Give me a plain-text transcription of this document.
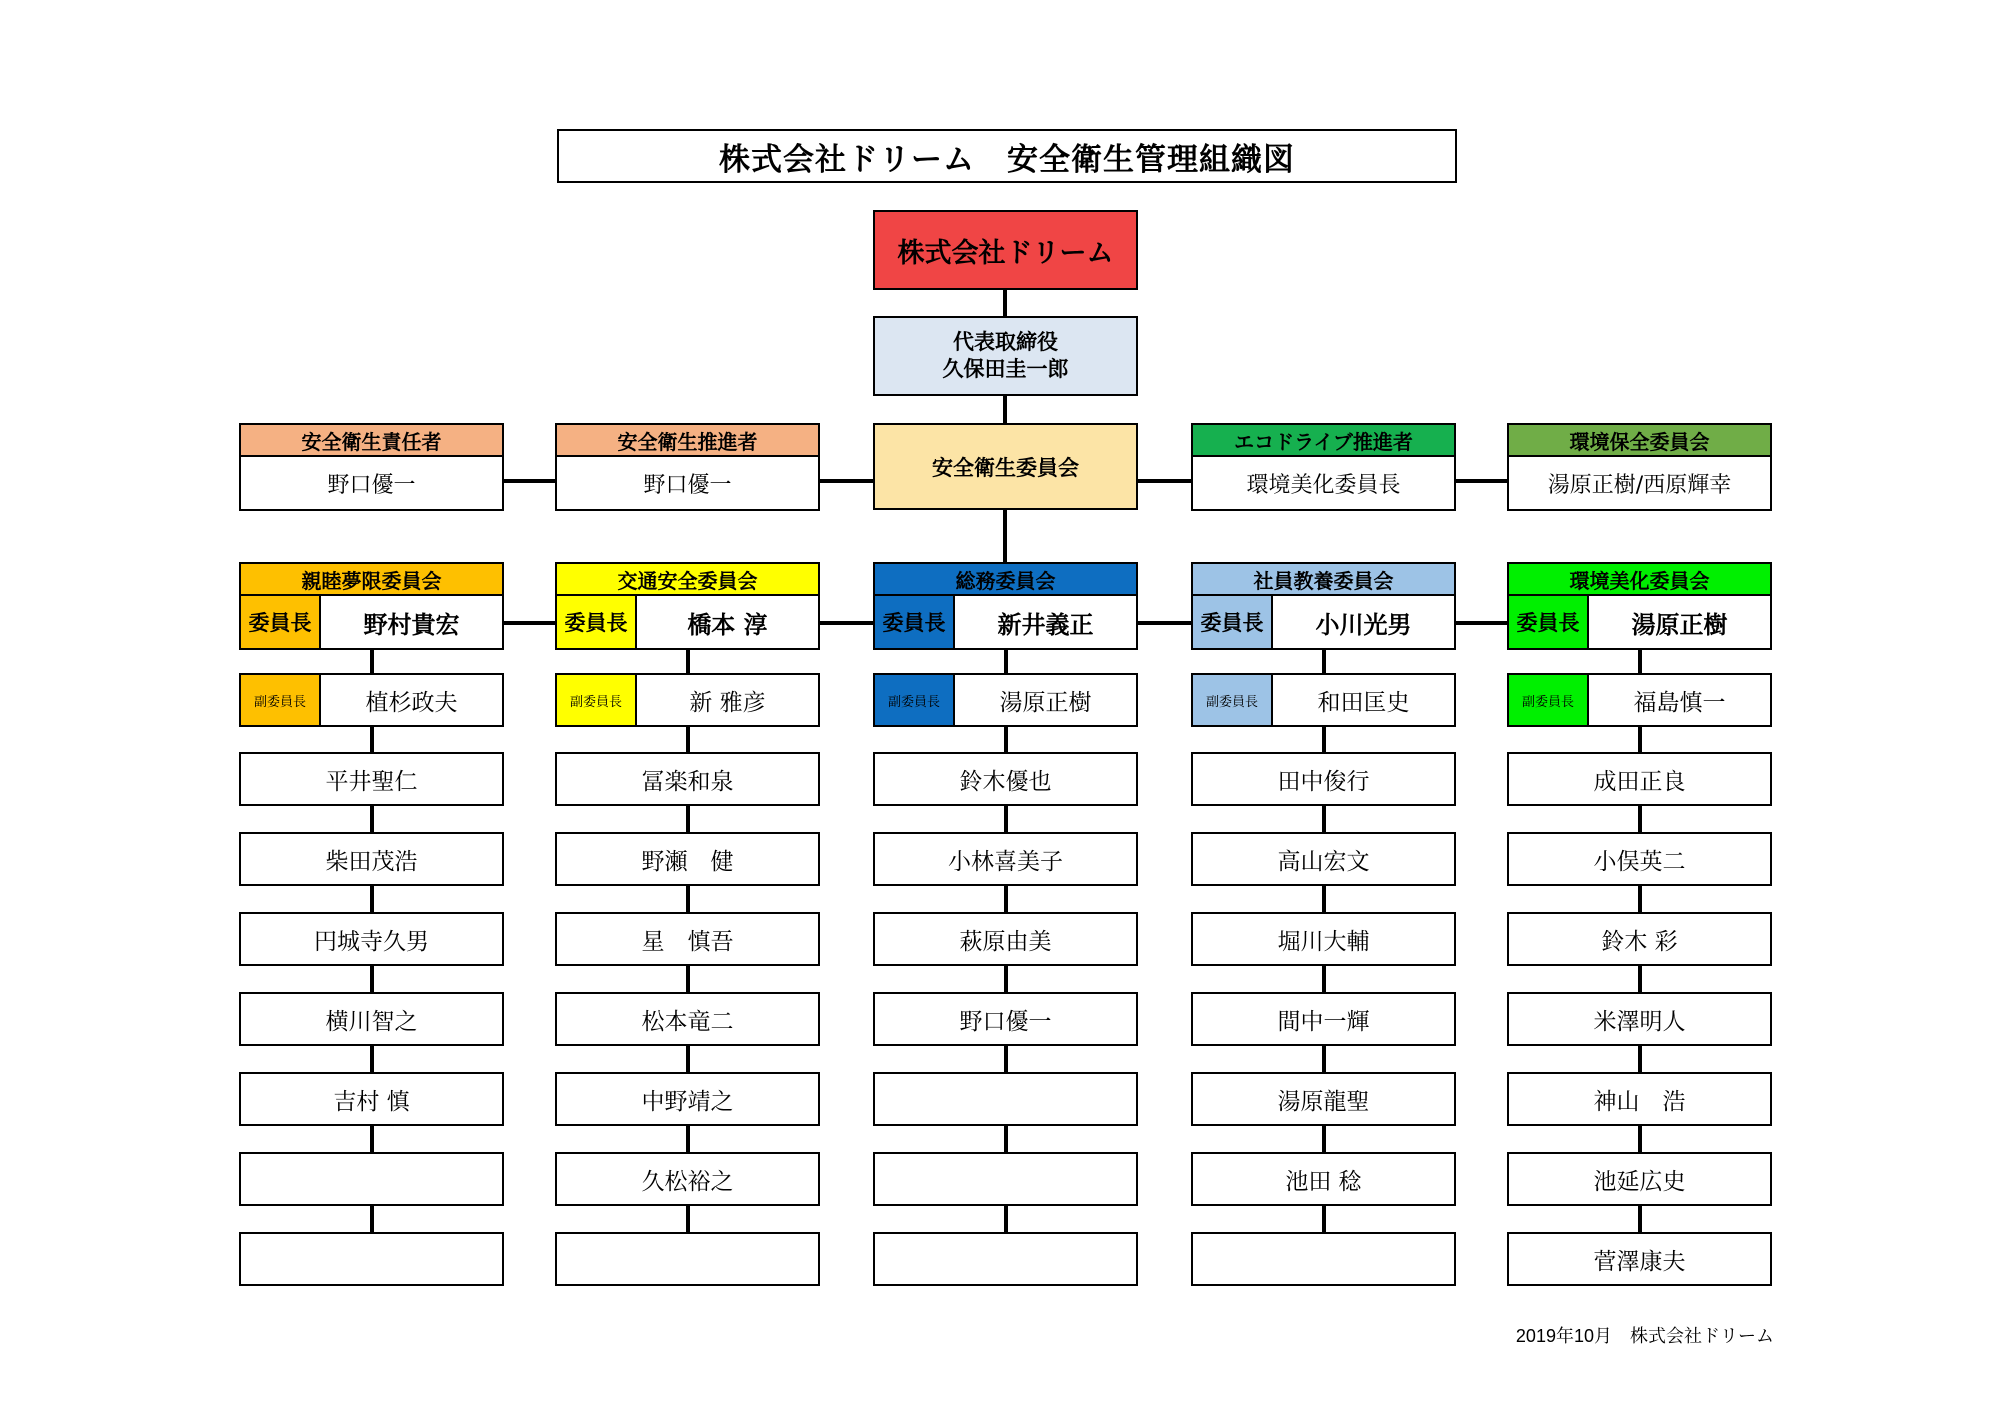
株式会社ドリーム　安全衛生管理組織図
株式会社ドリーム
代表取締役
久保田圭一郎
安全衛生委員会
安全衛生責任者
野口優一
安全衛生推進者
野口優一
エコドライブ推進者
環境美化委員長
環境保全委員会
湯原正樹/西原輝幸
親睦夢限委員会
委員長	野村貴宏
副委員長	植杉政夫
平井聖仁
柴田茂浩
円城寺久男
横川智之
吉村 慎
交通安全委員会
委員長	橋本 淳
副委員長	新 雅彦
冨楽和泉
野瀬　健
星　慎吾
松本竜二
中野靖之
久松裕之
総務委員会
委員長	新井義正
副委員長	湯原正樹
鈴木優也
小林喜美子
萩原由美
野口優一
社員教養委員会
委員長	小川光男
副委員長	和田匡史
田中俊行
高山宏文
堀川大輔
間中一輝
湯原龍聖
池田 稔
環境美化委員会
委員長	湯原正樹
副委員長	福島慎一
成田正良
小俣英二
鈴木 彩
米澤明人
神山　浩
池延広史
菅澤康夫
2019年10月　株式会社ドリーム
